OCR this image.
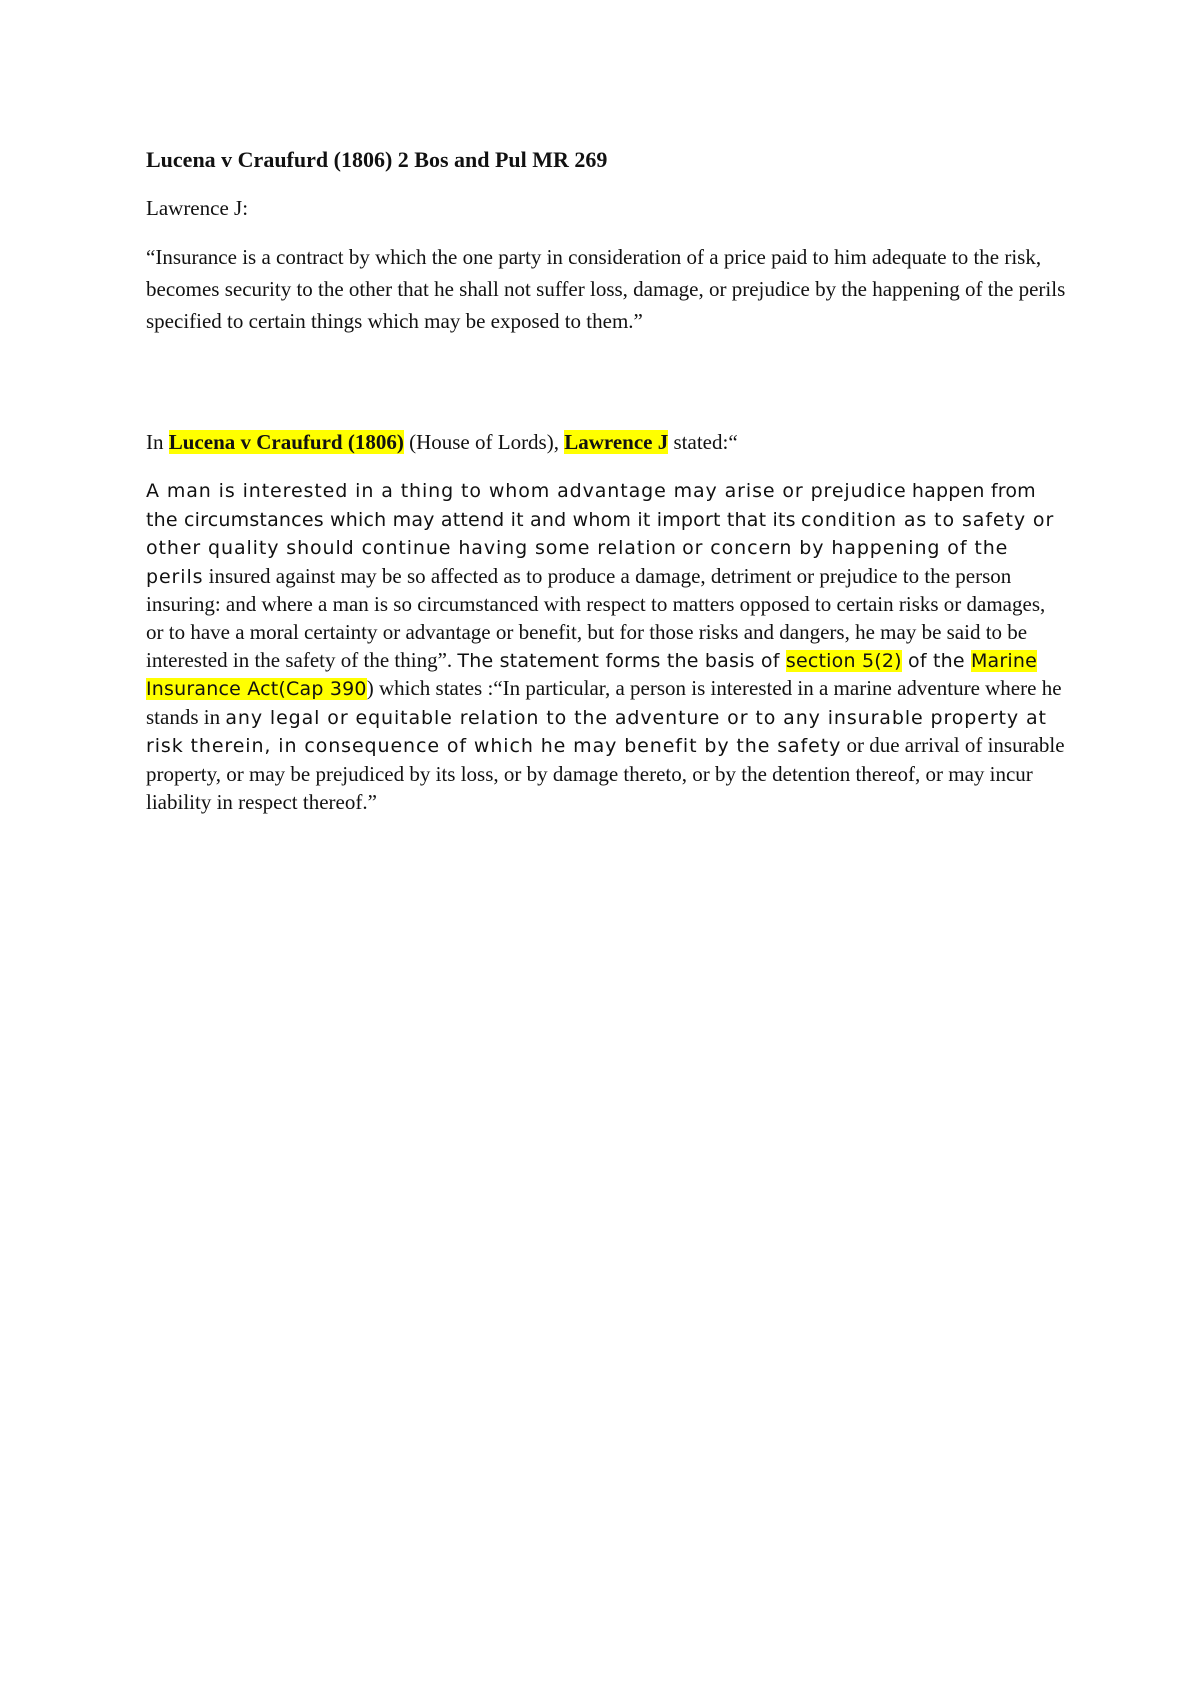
Lucena v Craufurd (1806) 2 Bos and Pul MR 269

Lawrence J:

“Insurance is a contract by which the one party in consideration of a price paid to him adequate to the risk, becomes security to the other that he shall not suffer loss, damage, or prejudice by the happening of the perils specified to certain things which may be exposed to them.”

In Lucena v Craufurd (1806) (House of Lords), Lawrence J stated:“

A man is interested in a thing to whom advantage may arise or prejudice happen from the circumstances which may attend it and whom it import that its condition as to safety or other quality should continue having some relation or concern by happening of the perils insured against may be so affected as to produce a damage, detriment or prejudice to the person insuring: and where a man is so circumstanced with respect to matters opposed to certain risks or damages, or to have a moral certainty or advantage or benefit, but for those risks and dangers, he may be said to be interested in the safety of the thing”. The statement forms the basis of section 5(2) of the Marine Insurance Act(Cap 390) which states :“In particular, a person is interested in a marine adventure where he stands in any legal or equitable relation to the adventure or to any insurable property at risk therein, in consequence of which he may benefit by the safety or due arrival of insurable property, or may be prejudiced by its loss, or by damage thereto, or by the detention thereof, or may incur liability in respect thereof.”
